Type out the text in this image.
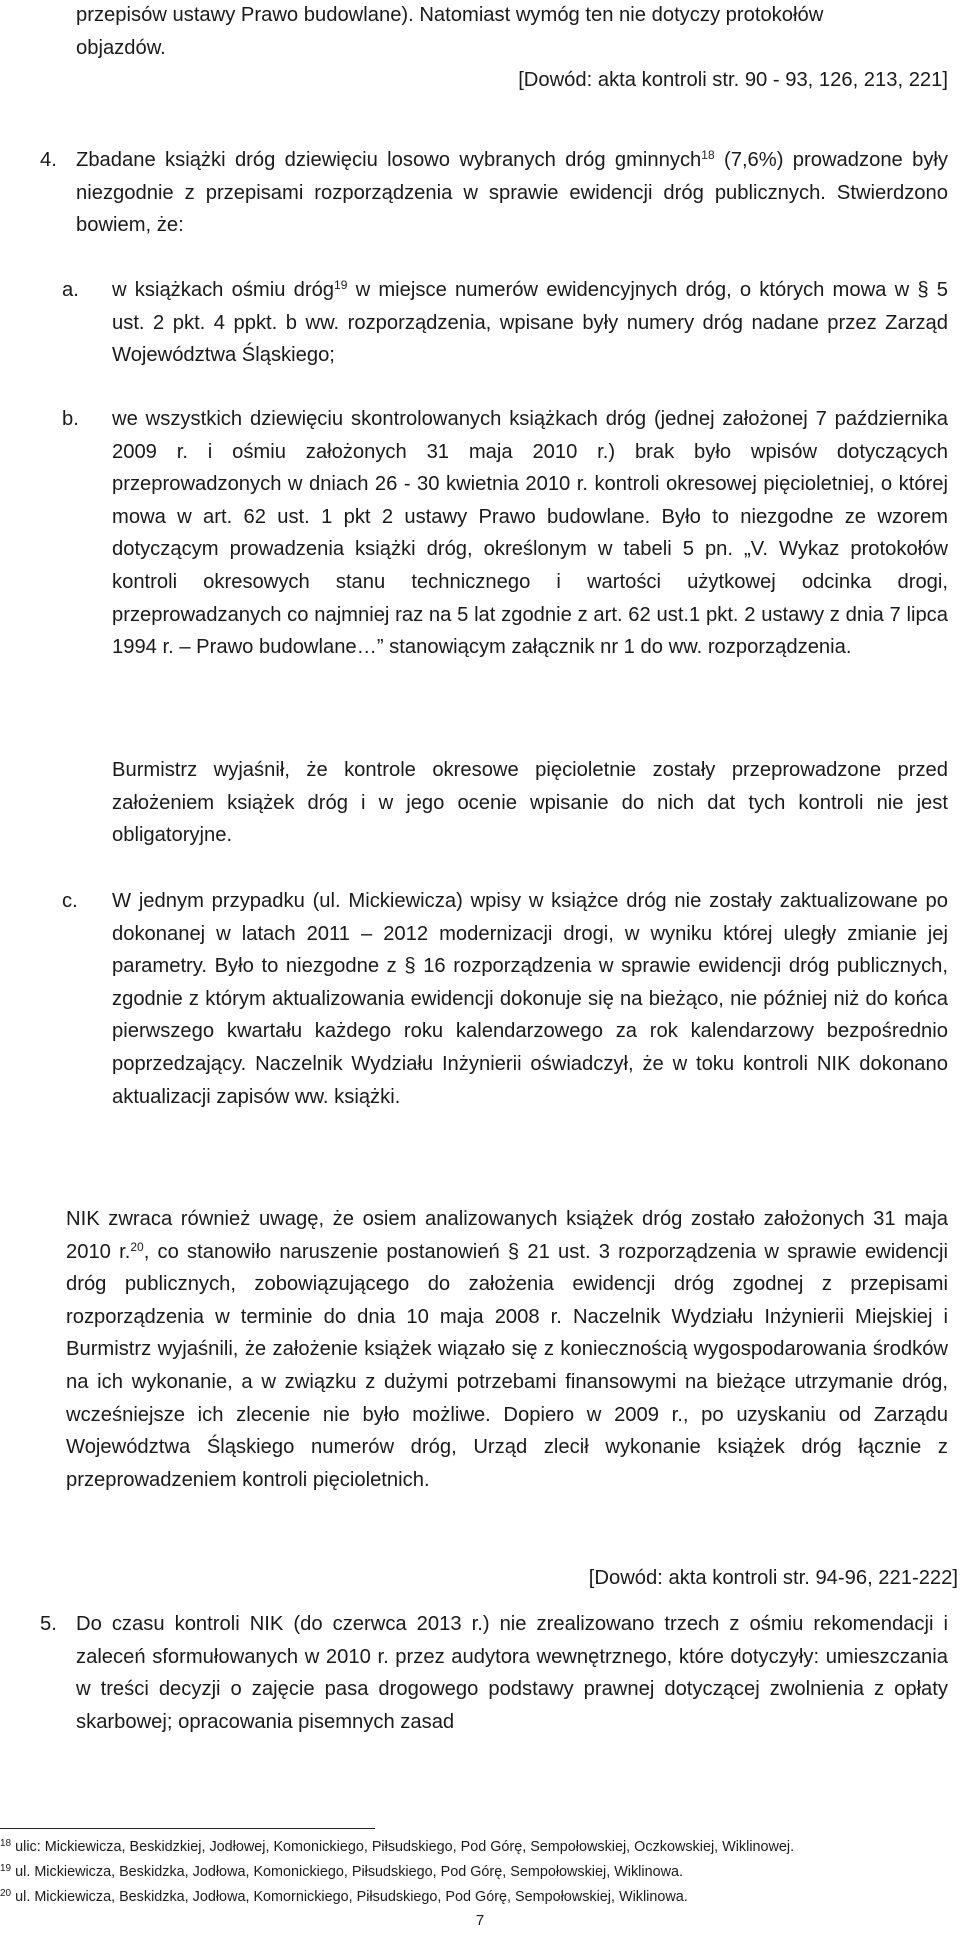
przepisów ustawy Prawo budowlane). Natomiast wymóg ten nie dotyczy protokołów

objazdów.

[Dowód: akta kontroli str. 90 - 93, 126, 213, 221]

4. Zbadane książki dróg dziewięciu losowo wybranych dróg gminnych$^{18}$ (7,6%) prowadzone były niezgodnie z przepisami rozporządzenia w sprawie ewidencji dróg publicznych. Stwierdzono bowiem, że:

a. w książkach ośmiu dróg$^{19}$ w miejsce numerów ewidencyjnych dróg, o których mowa w § 5 ust. 2 pkt. 4 ppkt. b ww. rozporządzenia, wpisane były numery dróg nadane przez Zarząd Województwa Śląskiego;

b. we wszystkich dziewięciu skontrolowanych książkach dróg (jednej założonej 7 października 2009 r. i ośmiu założonych 31 maja 2010 r.) brak było wpisów dotyczących przeprowadzonych w dniach 26 - 30 kwietnia 2010 r. kontroli okresowej pięcioletniej, o której mowa w art. 62 ust. 1 pkt 2 ustawy Prawo budowlane. Było to niezgodne ze wzorem dotyczącym prowadzenia książki dróg, określonym w tabeli 5 pn. „V. Wykaz protokołów kontroli okresowych stanu technicznego i wartości użytkowej odcinka drogi, przeprowadzanych co najmniej raz na 5 lat zgodnie z art. 62 ust.1 pkt. 2 ustawy z dnia 7 lipca 1994 r. – Prawo budowlane…” stanowiącym załącznik nr 1 do ww. rozporządzenia.

Burmistrz wyjaśnił, że kontrole okresowe pięcioletnie zostały przeprowadzone przed założeniem książek dróg i w jego ocenie wpisanie do nich dat tych kontroli nie jest obligatoryjne.

c. W jednym przypadku (ul. Mickiewicza) wpisy w książce dróg nie zostały zaktualizowane po dokonanej w latach 2011 – 2012 modernizacji drogi, w wyniku której uległy zmianie jej parametry. Było to niezgodne z § 16 rozporządzenia w sprawie ewidencji dróg publicznych, zgodnie z którym aktualizowania ewidencji dokonuje się na bieżąco, nie później niż do końca pierwszego kwartału każdego roku kalendarzowego za rok kalendarzowy bezpośrednio poprzedzający. Naczelnik Wydziału Inżynierii oświadczył, że w toku kontroli NIK dokonano aktualizacji zapisów ww. książki.

NIK zwraca również uwagę, że osiem analizowanych książek dróg zostało założonych 31 maja 2010 r.$^{20}$, co stanowiło naruszenie postanowień § 21 ust. 3 rozporządzenia w sprawie ewidencji dróg publicznych, zobowiązującego do założenia ewidencji dróg zgodnej z przepisami rozporządzenia w terminie do dnia 10 maja 2008 r. Naczelnik Wydziału Inżynierii Miejskiej i Burmistrz wyjaśnili, że założenie książek wiązało się z koniecznością wygospodarowania środków na ich wykonanie, a w związku z dużymi potrzebami finansowymi na bieżące utrzymanie dróg, wcześniejsze ich zlecenie nie było możliwe. Dopiero w 2009 r., po uzyskaniu od Zarządu Województwa Śląskiego numerów dróg, Urząd zlecił wykonanie książek dróg łącznie z przeprowadzeniem kontroli pięcioletnich.

[Dowód: akta kontroli str. 94-96, 221-222]

5. Do czasu kontroli NIK (do czerwca 2013 r.) nie zrealizowano trzech z ośmiu rekomendacji i zaleceń sformułowanych w 2010 r. przez audytora wewnętrznego, które dotyczyły: umieszczania w treści decyzji o zajęcie pasa drogowego podstawy prawnej dotyczącej zwolnienia z opłaty skarbowej; opracowania pisemnych zasad

$^{18}$ ulic: Mickiewicza, Beskidzkiej, Jodłowej, Komonickiego, Piłsudskiego, Pod Górę, Sempołowskiej, Oczkowskiej, Wiklinowej.
$^{19}$ ul. Mickiewicza, Beskidzka, Jodłowa, Komonickiego, Piłsudskiego, Pod Górę, Sempołowskiej, Wiklinowa.
$^{20}$ ul. Mickiewicza, Beskidzka, Jodłowa, Komornickiego, Piłsudskiego, Pod Górę, Sempołowskiej, Wiklinowa.
7
